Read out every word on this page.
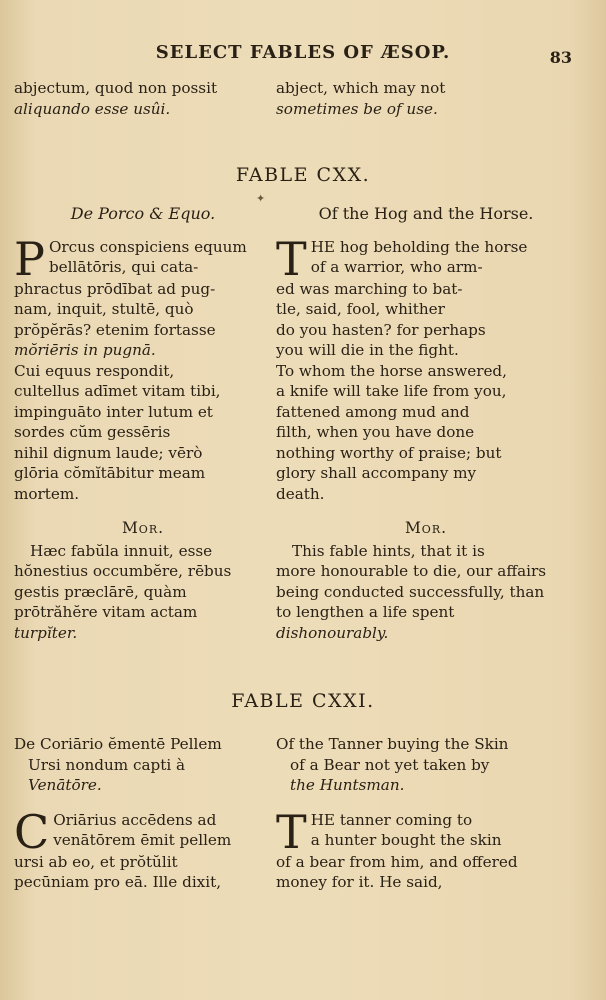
SELECT FABLES OF ÆSOP.	83
abjectum, quod non possit
aliquando esse usûi.
abject, which may not
sometimes be of use.
FABLE CXX.
✦
De Porco & Equo.
P Orcus conspiciens equum
bellātōris, qui cata-
phractus prōdībat ad pug-
nam, inquit, stultē, quò
prŏpĕrās? etenim fortasse
mŏriēris in pugnā.
Cui equus respondit,
cultellus adīmet vitam tibi,
impinguāto inter lutum et
sordes cŭm gessēris
nihil dignum laude; vērò
glōria cŏmĭtābitur meam
mortem.
Mor.
Hæc fabŭla innuit, esse
hŏnestius occumbĕre, rēbus
gestis præclārē, quàm
prōtrăhĕre vitam actam
turpĭter.
Of the Hog and the Horse.
T HE hog beholding the horse
of a warrior, who arm-
ed was marching to bat-
tle, said, fool, whither
do you hasten? for perhaps
you will die in the fight.
To whom the horse answered,
a knife will take life from you,
fattened among mud and
filth, when you have done
nothing worthy of praise; but
glory shall accompany my
death.
Mor.
This fable hints, that it is
more honourable to die, our affairs
being conducted successfully, than
to lengthen a life spent
dishonourably.
FABLE CXXI.
De Coriārio ĕmentē Pellem
Ursi nondum capti à
Venātōre.
C Oriārius accēdens ad
venātōrem ēmit pellem
ursi ab eo, et prŏtŭlit
pecūniam pro eā. Ille dixit,
Of the Tanner buying the Skin
of a Bear not yet taken by
the Huntsman.
T HE tanner coming to
a hunter bought the skin
of a bear from him, and offered
money for it. He said,
